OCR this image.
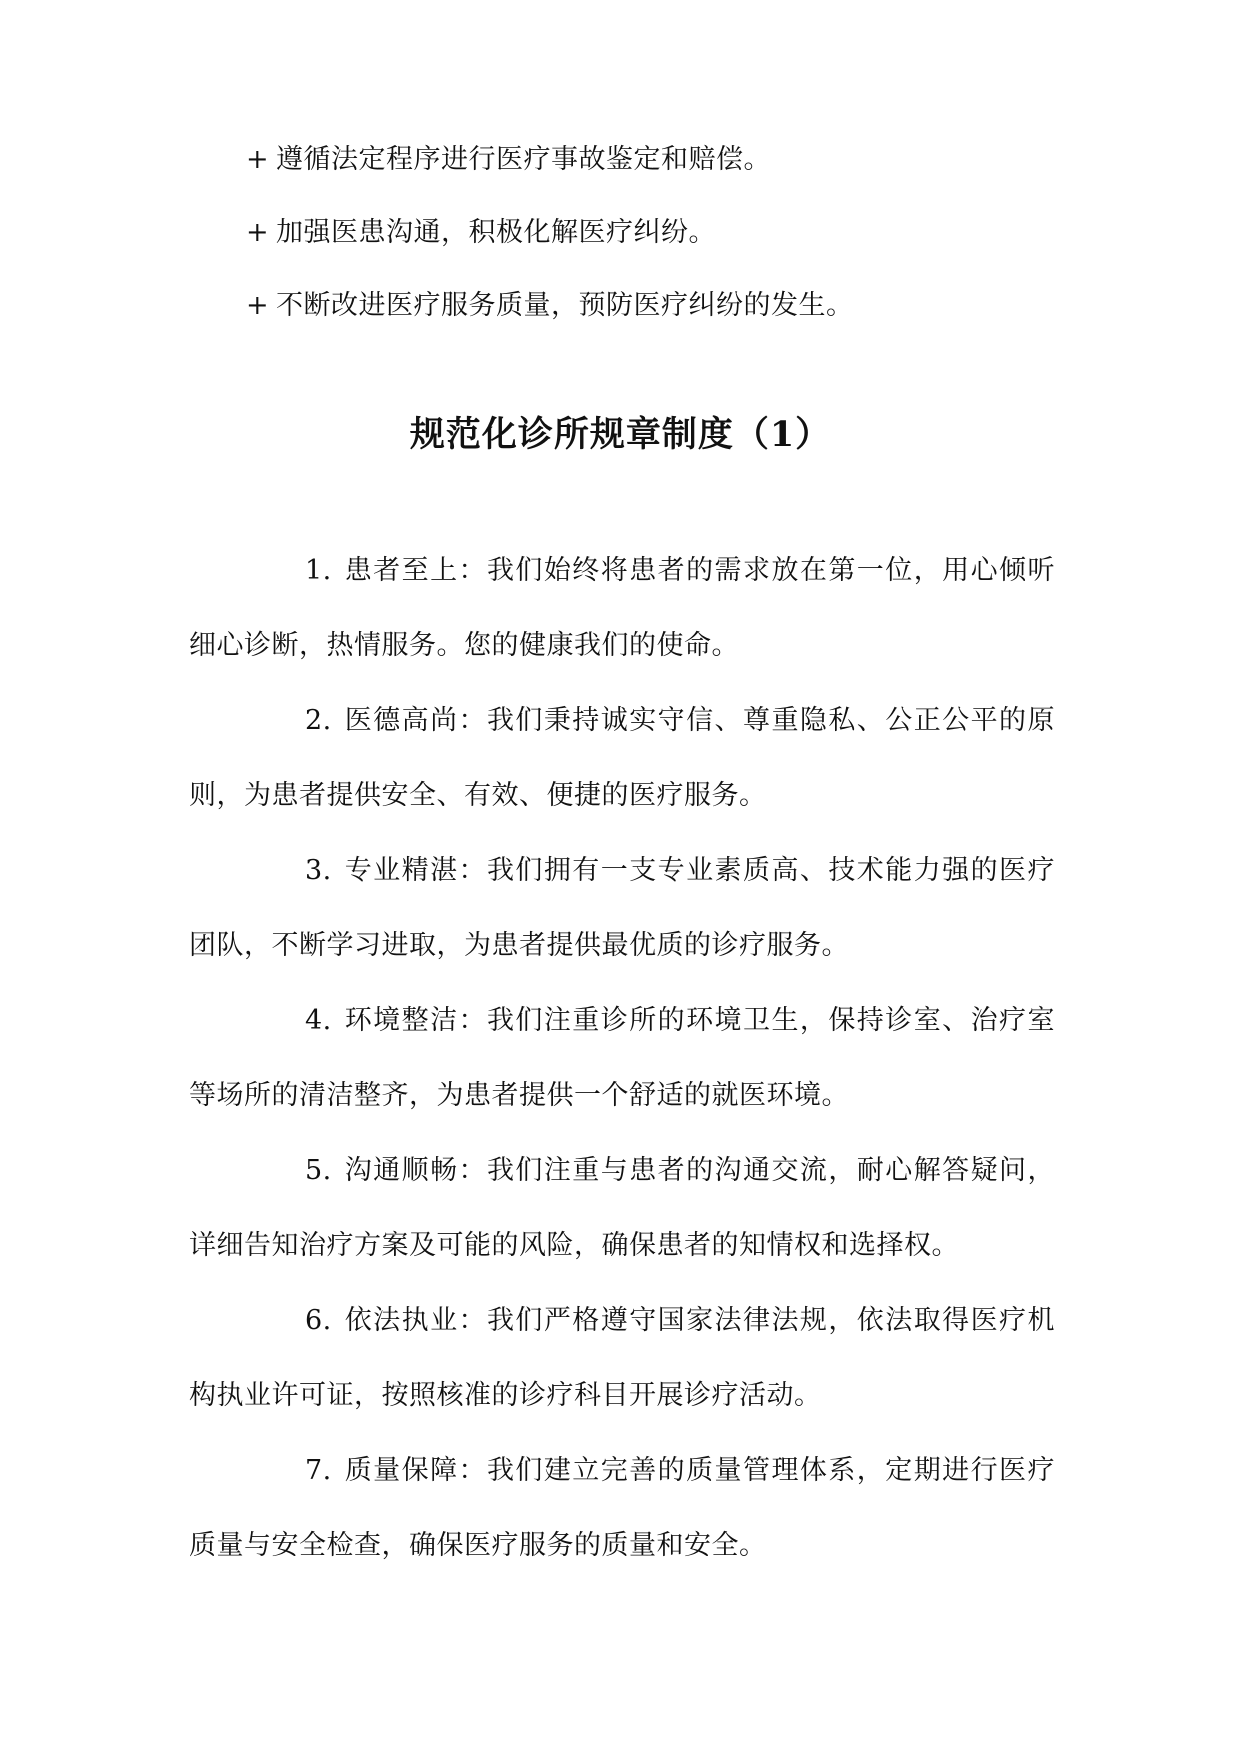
+ 遵循法定程序进行医疗事故鉴定和赔偿。
+ 加强医患沟通，积极化解医疗纠纷。
+ 不断改进医疗服务质量，预防医疗纠纷的发生。
规范化诊所规章制度（1）

1. 患者至上：我们始终将患者的需求放在第一位，用心倾听细心诊断，热情服务。您的健康我们的使命。

2. 医德高尚：我们秉持诚实守信、尊重隐私、公正公平的原则，为患者提供安全、有效、便捷的医疗服务。

3. 专业精湛：我们拥有一支专业素质高、技术能力强的医疗团队，不断学习进取，为患者提供最优质的诊疗服务。

4. 环境整洁：我们注重诊所的环境卫生，保持诊室、治疗室等场所的清洁整齐，为患者提供一个舒适的就医环境。

5. 沟通顺畅：我们注重与患者的沟通交流，耐心解答疑问，详细告知治疗方案及可能的风险，确保患者的知情权和选择权。

6. 依法执业：我们严格遵守国家法律法规，依法取得医疗机构执业许可证，按照核准的诊疗科目开展诊疗活动。

7. 质量保障：我们建立完善的质量管理体系，定期进行医疗质量与安全检查，确保医疗服务的质量和安全。
